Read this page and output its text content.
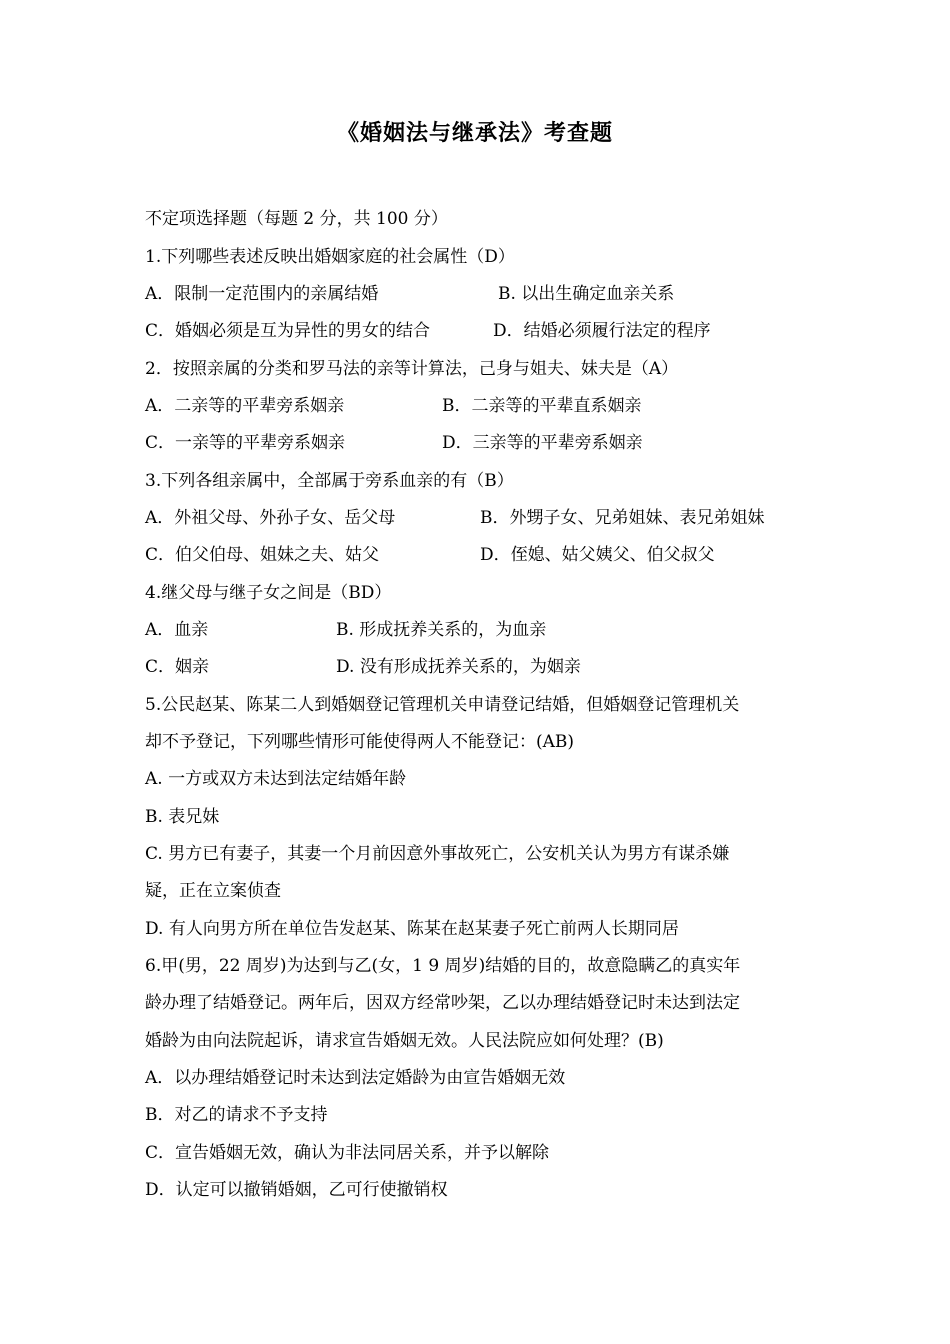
《婚姻法与继承法》考查题
不定项选择题（每题 2 分，共 100 分）
1.下列哪些表述反映出婚姻家庭的社会属性（D）
A．限制一定范围内的亲属结婚	B. 以出生确定血亲关系
C．婚姻必须是互为异性的男女的结合	D．结婚必须履行法定的程序
2．按照亲属的分类和罗马法的亲等计算法，己身与姐夫、妹夫是（A）
A．二亲等的平辈旁系姻亲	B．二亲等的平辈直系姻亲
C．一亲等的平辈旁系姻亲	D．三亲等的平辈旁系姻亲
3.下列各组亲属中，全部属于旁系血亲的有（B）
A．外祖父母、外孙子女、岳父母	B．外甥子女、兄弟姐妹、表兄弟姐妹
C．伯父伯母、姐妹之夫、姑父	D．侄媳、姑父姨父、伯父叔父
4.继父母与继子女之间是（BD）
A．血亲	B. 形成抚养关系的，为血亲
C．姻亲	D. 没有形成抚养关系的，为姻亲
5.公民赵某、陈某二人到婚姻登记管理机关申请登记结婚，但婚姻登记管理机关
却不予登记，下列哪些情形可能使得两人不能登记：(AB)
A. 一方或双方未达到法定结婚年龄
B. 表兄妹
C. 男方已有妻子，其妻一个月前因意外事故死亡，公安机关认为男方有谋杀嫌
疑，正在立案侦查
D. 有人向男方所在单位告发赵某、陈某在赵某妻子死亡前两人长期同居
6.甲(男，22 周岁)为达到与乙(女，1 9 周岁)结婚的目的，故意隐瞒乙的真实年
龄办理了结婚登记。两年后，因双方经常吵架，乙以办理结婚登记时未达到法定
婚龄为由向法院起诉，请求宣告婚姻无效。人民法院应如何处理？(B)
A．以办理结婚登记时未达到法定婚龄为由宣告婚姻无效
B．对乙的请求不予支持
C．宣告婚姻无效，确认为非法同居关系，并予以解除
D．认定可以撤销婚姻，乙可行使撤销权
